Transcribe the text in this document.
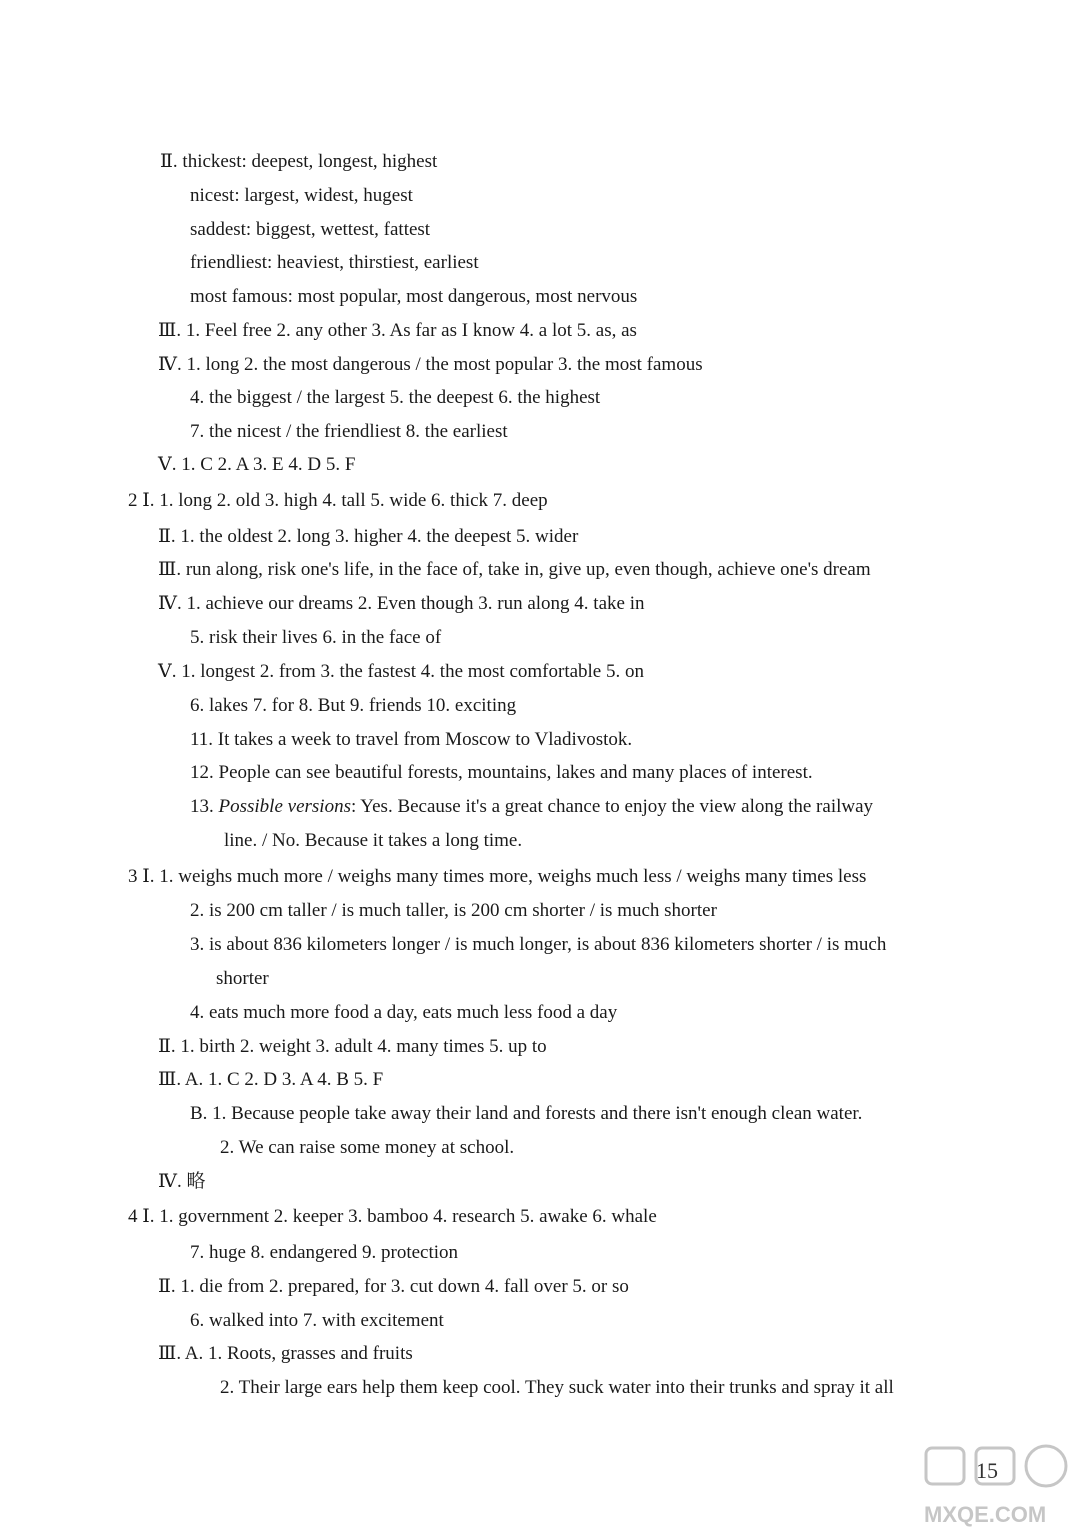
Ⅱ. thickest: deepest, longest, highest
nicest: largest, widest, hugest
saddest: biggest, wettest, fattest
friendliest: heaviest, thirstiest, earliest
most famous: most popular, most dangerous, most nervous
Ⅲ. 1. Feel free 2. any other 3. As far as I know 4. a lot 5. as, as
Ⅳ. 1. long 2. the most dangerous / the most popular 3. the most famous
4. the biggest / the largest 5. the deepest 6. the highest
7. the nicest / the friendliest 8. the earliest
Ⅴ. 1. C 2. A 3. E 4. D 5. F
2 Ⅰ. 1. long 2. old 3. high 4. tall 5. wide 6. thick 7. deep
Ⅱ. 1. the oldest 2. long 3. higher 4. the deepest 5. wider
Ⅲ. run along, risk one's life, in the face of, take in, give up, even though, achieve one's dream
Ⅳ. 1. achieve our dreams 2. Even though 3. run along 4. take in
5. risk their lives 6. in the face of
Ⅴ. 1. longest 2. from 3. the fastest 4. the most comfortable 5. on
6. lakes 7. for 8. But 9. friends 10. exciting
11. It takes a week to travel from Moscow to Vladivostok.
12. People can see beautiful forests, mountains, lakes and many places of interest.
13. Possible versions: Yes. Because it's a great chance to enjoy the view along the railway
line. / No. Because it takes a long time.
3 Ⅰ. 1. weighs much more / weighs many times more, weighs much less / weighs many times less
2. is 200 cm taller / is much taller, is 200 cm shorter / is much shorter
3. is about 836 kilometers longer / is much longer, is about 836 kilometers shorter / is much
shorter
4. eats much more food a day, eats much less food a day
Ⅱ. 1. birth 2. weight 3. adult 4. many times 5. up to
Ⅲ. A. 1. C 2. D 3. A 4. B 5. F
B. 1. Because people take away their land and forests and there isn't enough clean water.
2. We can raise some money at school.
Ⅳ. 略
4 Ⅰ. 1. government 2. keeper 3. bamboo 4. research 5. awake 6. whale
7. huge 8. endangered 9. protection
Ⅱ. 1. die from 2. prepared, for 3. cut down 4. fall over 5. or so
6. walked into 7. with excitement
Ⅲ. A. 1. Roots, grasses and fruits
2. Their large ears help them keep cool. They suck water into their trunks and spray it all
MXQE.COM
15
